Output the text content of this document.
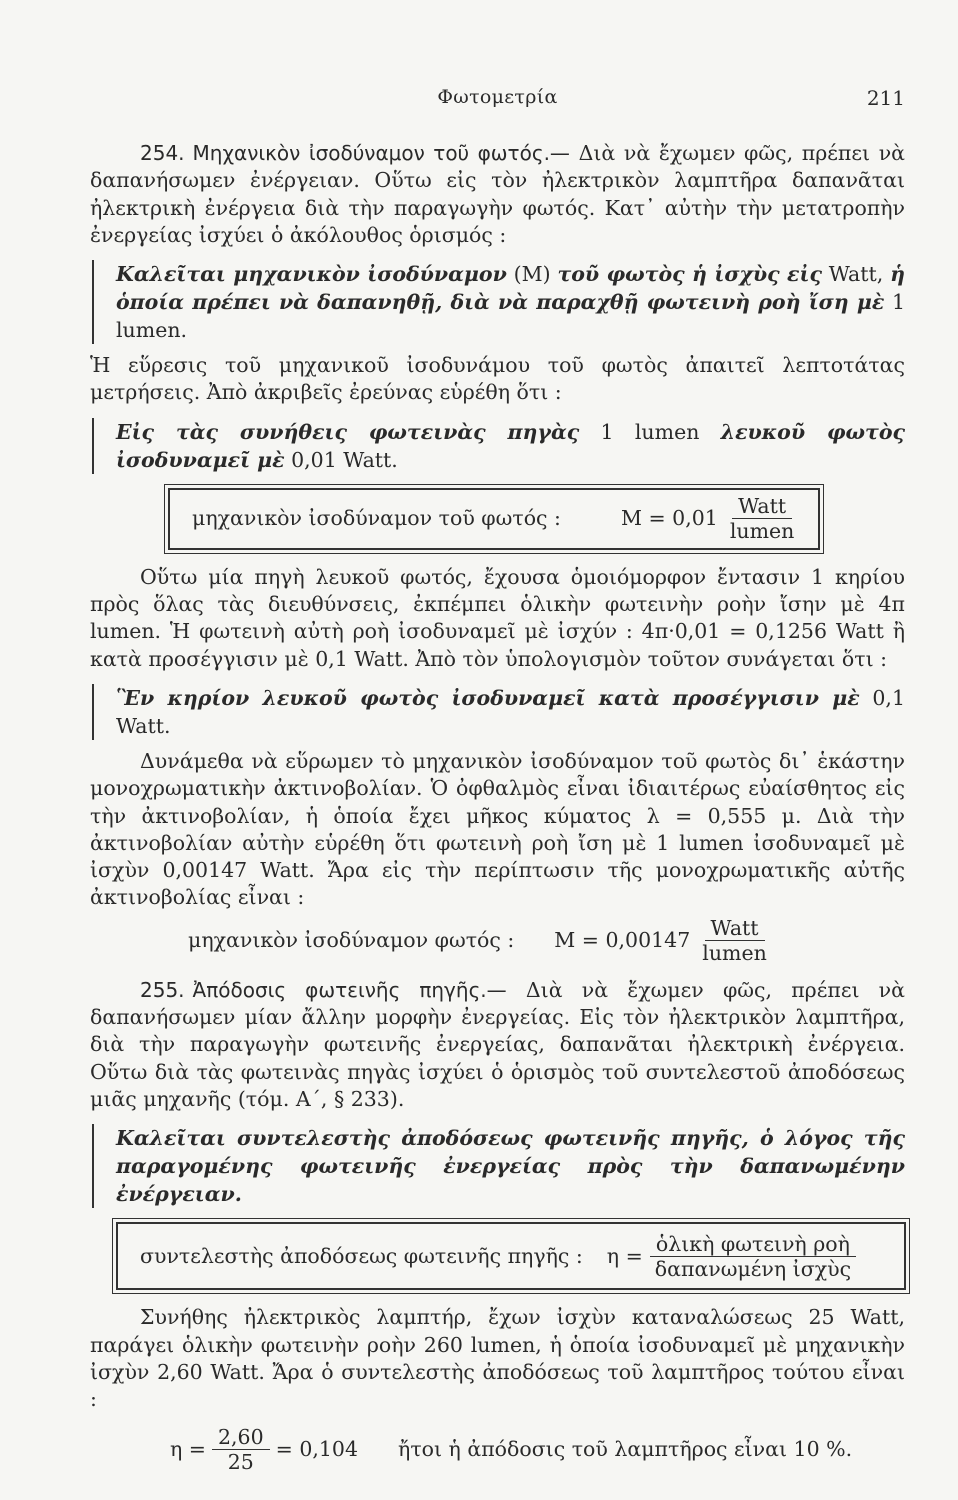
Φωτομετρία	211

254. Μηχανικὸν ἰσοδύναμον τοῦ φωτός.— Διὰ νὰ ἔχωμεν φῶς, πρέπει νὰ δαπανήσωμεν ἐνέργειαν. Οὕτω εἰς τὸν ἠλεκτρικὸν λαμπτῆρα δαπανᾶται ἠλεκτρικὴ ἐνέργεια διὰ τὴν παραγωγὴν φωτός. Κατ᾽ αὐτὴν τὴν μετατροπὴν ἐνεργείας ἰσχύει ὁ ἀκόλουθος ὁρισμός :

Καλεῖται μηχανικὸν ἰσοδύναμον (M) τοῦ φωτὸς ἡ ἰσχὺς εἰς Watt, ἡ ὁποία πρέπει νὰ δαπανηθῇ, διὰ νὰ παραχθῇ φωτεινὴ ροὴ ἴση μὲ 1 lumen.

Ἡ εὕρεσις τοῦ μηχανικοῦ ἰσοδυνάμου τοῦ φωτὸς ἀπαιτεῖ λεπτοτάτας μετρήσεις. Ἀπὸ ἀκριβεῖς ἐρεύνας εὑρέθη ὅτι :

Εἰς τὰς συνήθεις φωτεινὰς πηγὰς 1 lumen λευκοῦ φωτὸς ἰσοδυναμεῖ μὲ 0,01 Watt.
μηχανικὸν ἰσοδύναμον τοῦ φωτός :	$M = 0,01 \frac{\text{Watt}}{\text{lumen}}$

Οὕτω μία πηγὴ λευκοῦ φωτός, ἔχουσα ὁμοιόμορφον ἔντασιν 1 κηρίου πρὸς ὅλας τὰς διευθύνσεις, ἐκπέμπει ὁλικὴν φωτεινὴν ροὴν ἴσην μὲ 4π lumen. Ἡ φωτεινὴ αὐτὴ ροὴ ἰσοδυναμεῖ μὲ ἰσχύν : 4π·0,01 = 0,1256 Watt ἢ κατὰ προσέγγισιν μὲ 0,1 Watt. Ἀπὸ τὸν ὑπολογισμὸν τοῦτον συνάγεται ὅτι :

Ἓν κηρίον λευκοῦ φωτὸς ἰσοδυναμεῖ κατὰ προσέγγισιν μὲ 0,1 Watt.

Δυνάμεθα νὰ εὕρωμεν τὸ μηχανικὸν ἰσοδύναμον τοῦ φωτὸς δι᾽ ἑκάστην μονοχρωματικὴν ἀκτινοβολίαν. Ὁ ὀφθαλμὸς εἶναι ἰδιαιτέρως εὐαίσθητος εἰς τὴν ἀκτινοβολίαν, ἡ ὁποία ἔχει μῆκος κύματος λ = 0,555 μ. Διὰ τὴν ἀκτινοβολίαν αὐτὴν εὑρέθη ὅτι φωτεινὴ ροὴ ἴση μὲ 1 lumen ἰσοδυναμεῖ μὲ ἰσχὺν 0,00147 Watt. Ἄρα εἰς τὴν περίπτωσιν τῆς μονοχρωματικῆς αὐτῆς ἀκτινοβολίας εἶναι :

μηχανικὸν ἰσοδύναμον φωτός : $M = 0,00147 \frac{\text{Watt}}{\text{lumen}}$

255. Ἀπόδοσις φωτεινῆς πηγῆς.— Διὰ νὰ ἔχωμεν φῶς, πρέπει νὰ δαπανήσωμεν μίαν ἄλλην μορφὴν ἐνεργείας. Εἰς τὸν ἠλεκτρικὸν λαμπτῆρα, διὰ τὴν παραγωγὴν φωτεινῆς ἐνεργείας, δαπανᾶται ἠλεκτρικὴ ἐνέργεια. Οὕτω διὰ τὰς φωτεινὰς πηγὰς ἰσχύει ὁ ὁρισμὸς τοῦ συντελεστοῦ ἀποδόσεως μιᾶς μηχανῆς (τόμ. Α΄, § 233).

Καλεῖται συντελεστὴς ἀποδόσεως φωτεινῆς πηγῆς, ὁ λόγος τῆς παραγομένης φωτεινῆς ἐνεργείας πρὸς τὴν δαπανωμένην ἐνέργειαν.
συντελεστὴς ἀποδόσεως φωτεινῆς πηγῆς : $\eta = \frac{\text{ὁλικὴ φωτεινὴ ροὴ}}{\text{δαπανωμένη ἰσχὺς}}$

Συνήθης ἠλεκτρικὸς λαμπτήρ, ἔχων ἰσχὺν καταναλώσεως 25 Watt, παράγει ὁλικὴν φωτεινὴν ροὴν 260 lumen, ἡ ὁποία ἰσοδυναμεῖ μὲ μηχανικὴν ἰσχὺν 2,60 Watt. Ἄρα ὁ συντελεστὴς ἀποδόσεως τοῦ λαμπτῆρος τούτου εἶναι :

$\eta = \frac{2,60}{25} = 0,104$ ἤτοι ἡ ἀπόδοσις τοῦ λαμπτῆρος εἶναι 10 %.
